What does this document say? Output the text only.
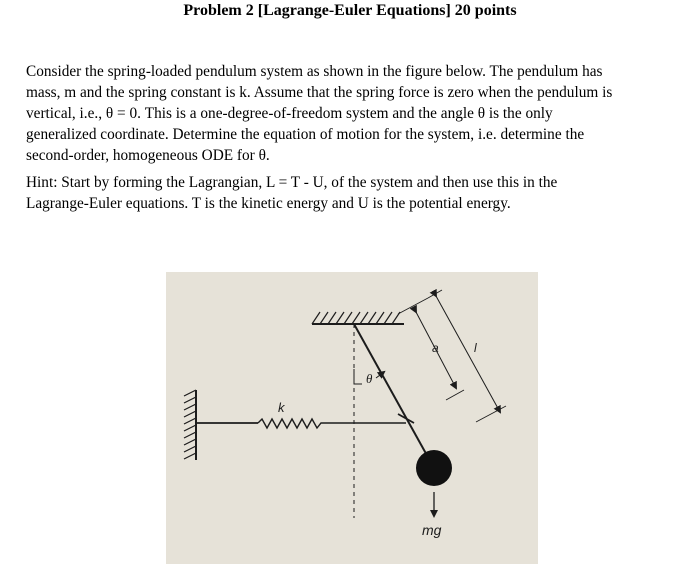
Problem 2 [Lagrange-Euler Equations] 20 points
Consider the spring-loaded pendulum system as shown in the figure below. The pendulum has
mass, m and the spring constant is k. Assume that the spring force is zero when the pendulum is
vertical, i.e., θ = 0. This is a one-degree-of-freedom system and the angle θ is the only
generalized coordinate. Determine the equation of motion for the system, i.e. determine the
second-order, homogeneous ODE for θ.
Hint: Start by forming the Lagrangian, L = T - U, of the system and then use this in the
Lagrange-Euler equations. T is the kinetic energy and U is the potential energy.
θ
a	l
k
mg
